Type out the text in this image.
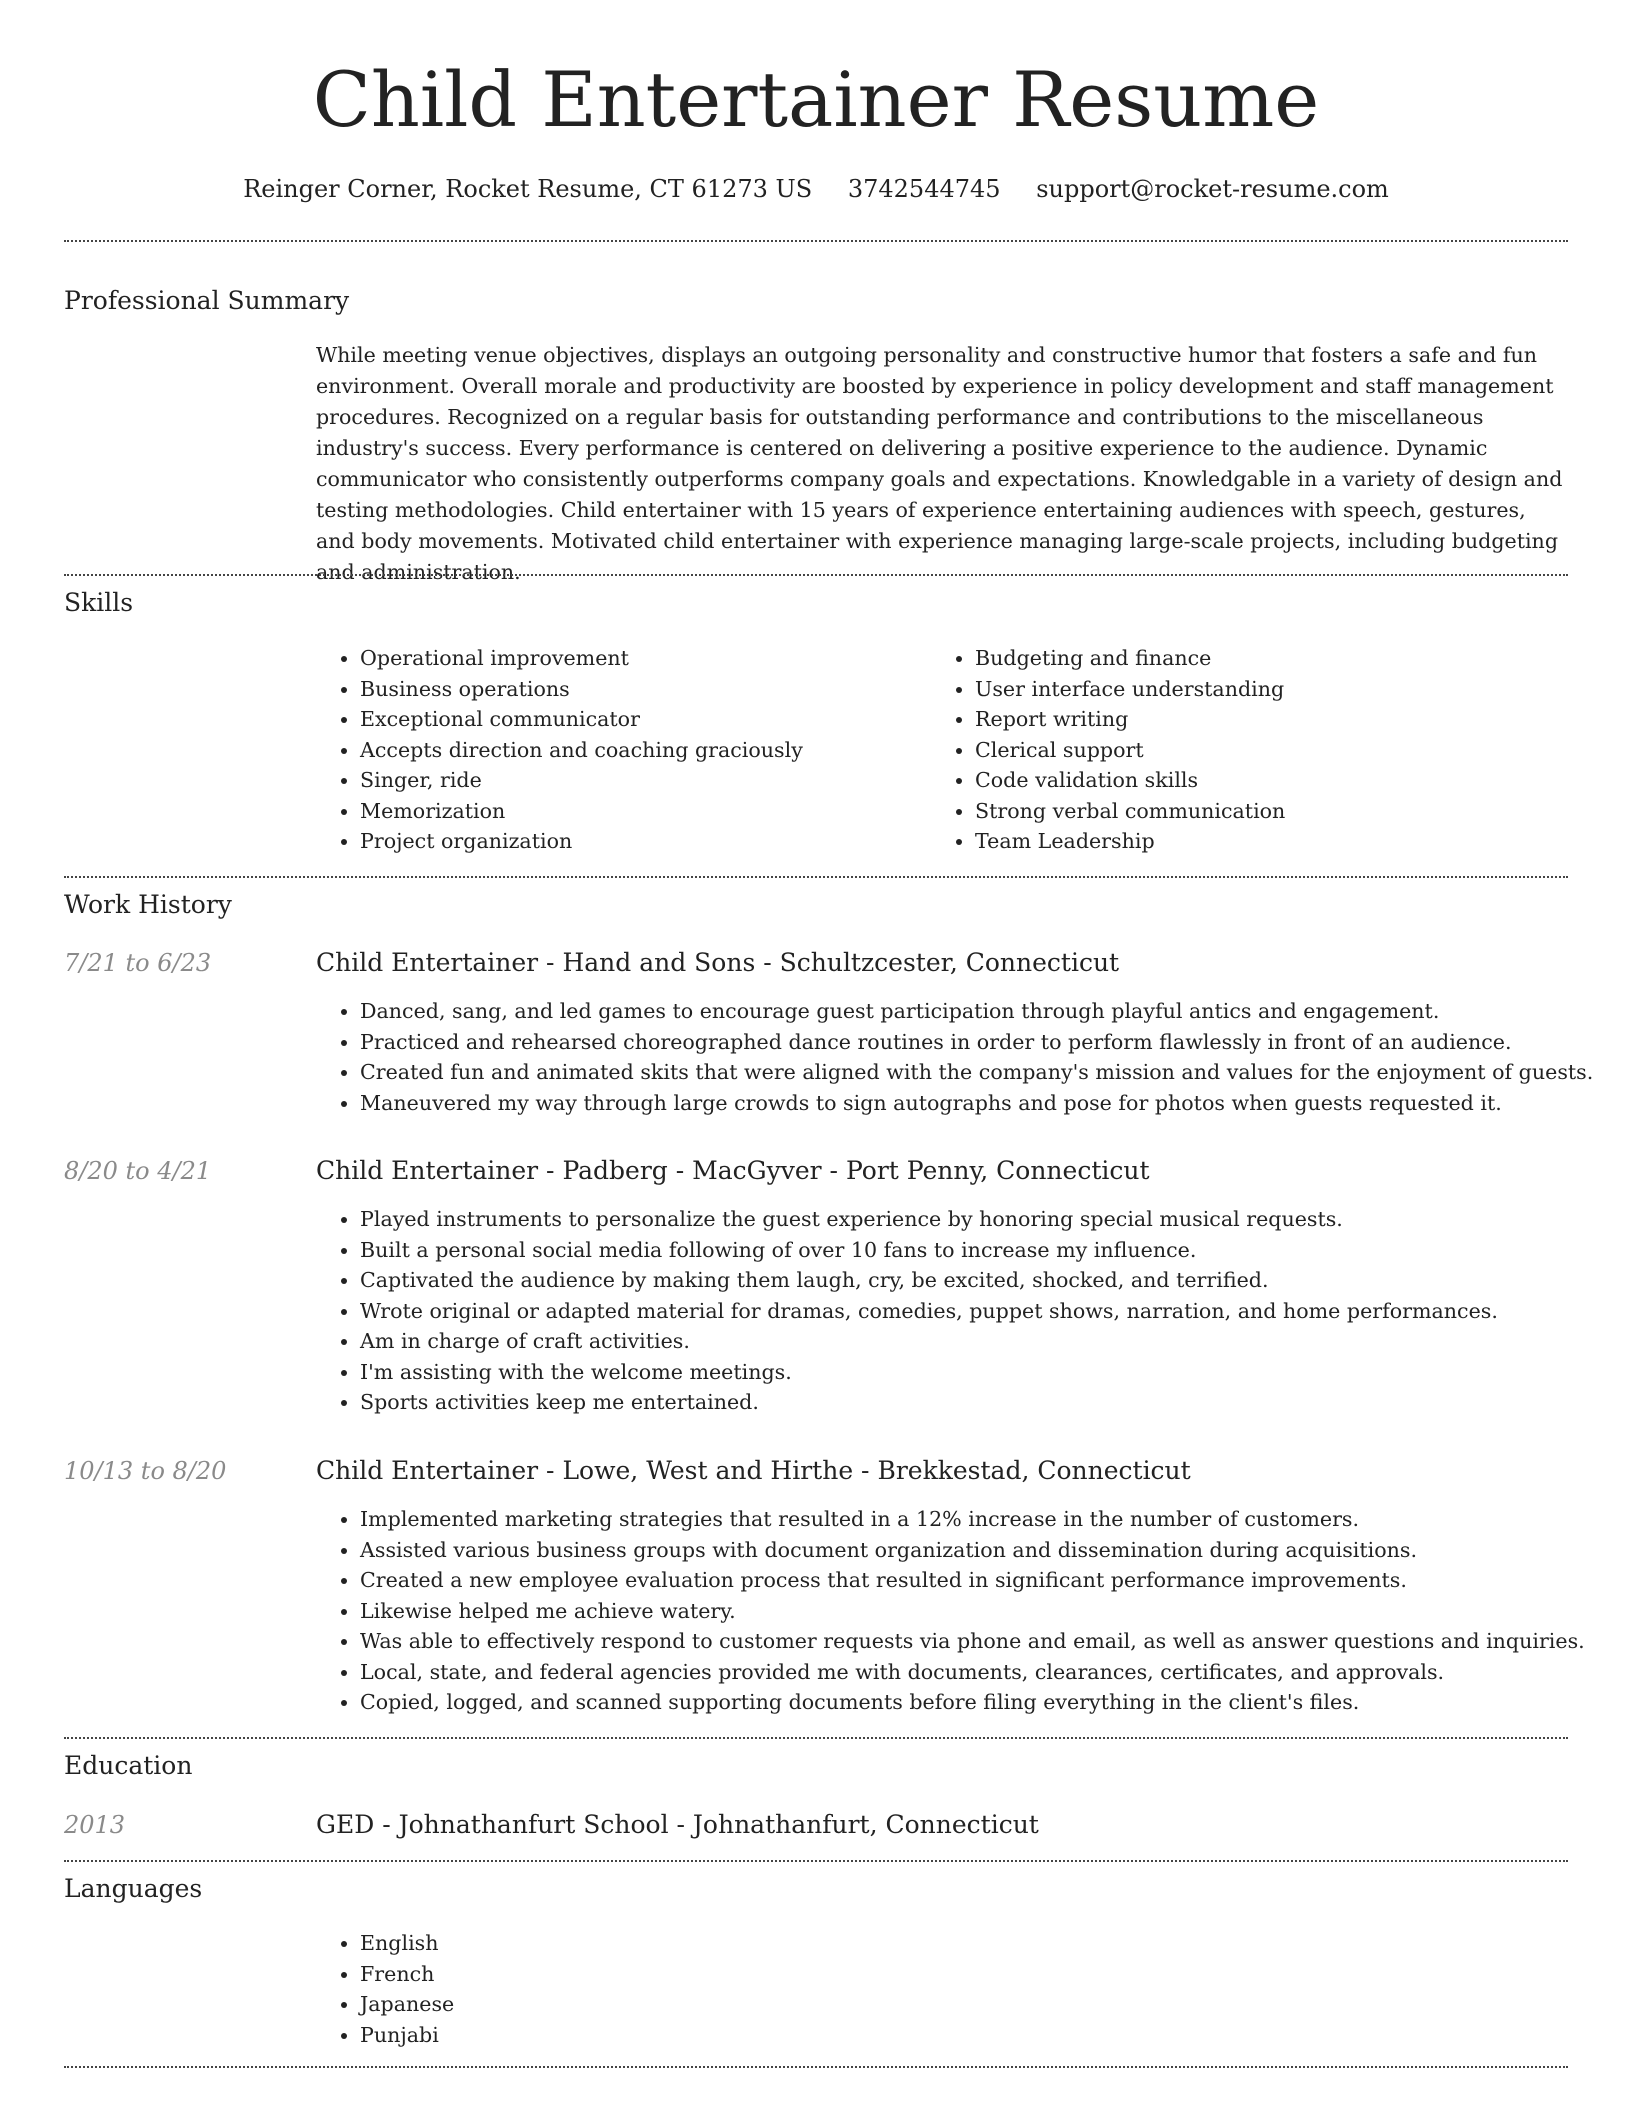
Child Entertainer Resume
Reinger Corner, Rocket Resume, CT 61273 US 3742544745 support@rocket-resume.com
Professional Summary
While meeting venue objectives, displays an outgoing personality and constructive humor that fosters a safe and fun environment. Overall morale and productivity are boosted by experience in policy development and staff management procedures. Recognized on a regular basis for outstanding performance and contributions to the miscellaneous industry's success. Every performance is centered on delivering a positive experience to the audience. Dynamic communicator who consistently outperforms company goals and expectations. Knowledgable in a variety of design and testing methodologies. Child entertainer with 15 years of experience entertaining audiences with speech, gestures, and body movements. Motivated child entertainer with experience managing large-scale projects, including budgeting and administration.
Skills
• Operational improvement
• Business operations
• Exceptional communicator
• Accepts direction and coaching graciously
• Singer, ride
• Memorization
• Project organization
• Budgeting and finance
• User interface understanding
• Report writing
• Clerical support
• Code validation skills
• Strong verbal communication
• Team Leadership
Work History
7/21 to 6/23	Child Entertainer - Hand and Sons - Schultzcester, Connecticut
• Danced, sang, and led games to encourage guest participation through playful antics and engagement.
• Practiced and rehearsed choreographed dance routines in order to perform flawlessly in front of an audience.
• Created fun and animated skits that were aligned with the company's mission and values for the enjoyment of guests.
• Maneuvered my way through large crowds to sign autographs and pose for photos when guests requested it.
8/20 to 4/21	Child Entertainer - Padberg - MacGyver - Port Penny, Connecticut
• Played instruments to personalize the guest experience by honoring special musical requests.
• Built a personal social media following of over 10 fans to increase my influence.
• Captivated the audience by making them laugh, cry, be excited, shocked, and terrified.
• Wrote original or adapted material for dramas, comedies, puppet shows, narration, and home performances.
• Am in charge of craft activities.
• I'm assisting with the welcome meetings.
• Sports activities keep me entertained.
10/13 to 8/20	Child Entertainer - Lowe, West and Hirthe - Brekkestad, Connecticut
• Implemented marketing strategies that resulted in a 12% increase in the number of customers.
• Assisted various business groups with document organization and dissemination during acquisitions.
• Created a new employee evaluation process that resulted in significant performance improvements.
• Likewise helped me achieve watery.
• Was able to effectively respond to customer requests via phone and email, as well as answer questions and inquiries.
• Local, state, and federal agencies provided me with documents, clearances, certificates, and approvals.
• Copied, logged, and scanned supporting documents before filing everything in the client's files.
Education
2013	GED - Johnathanfurt School - Johnathanfurt, Connecticut
Languages
• English
• French
• Japanese
• Punjabi
